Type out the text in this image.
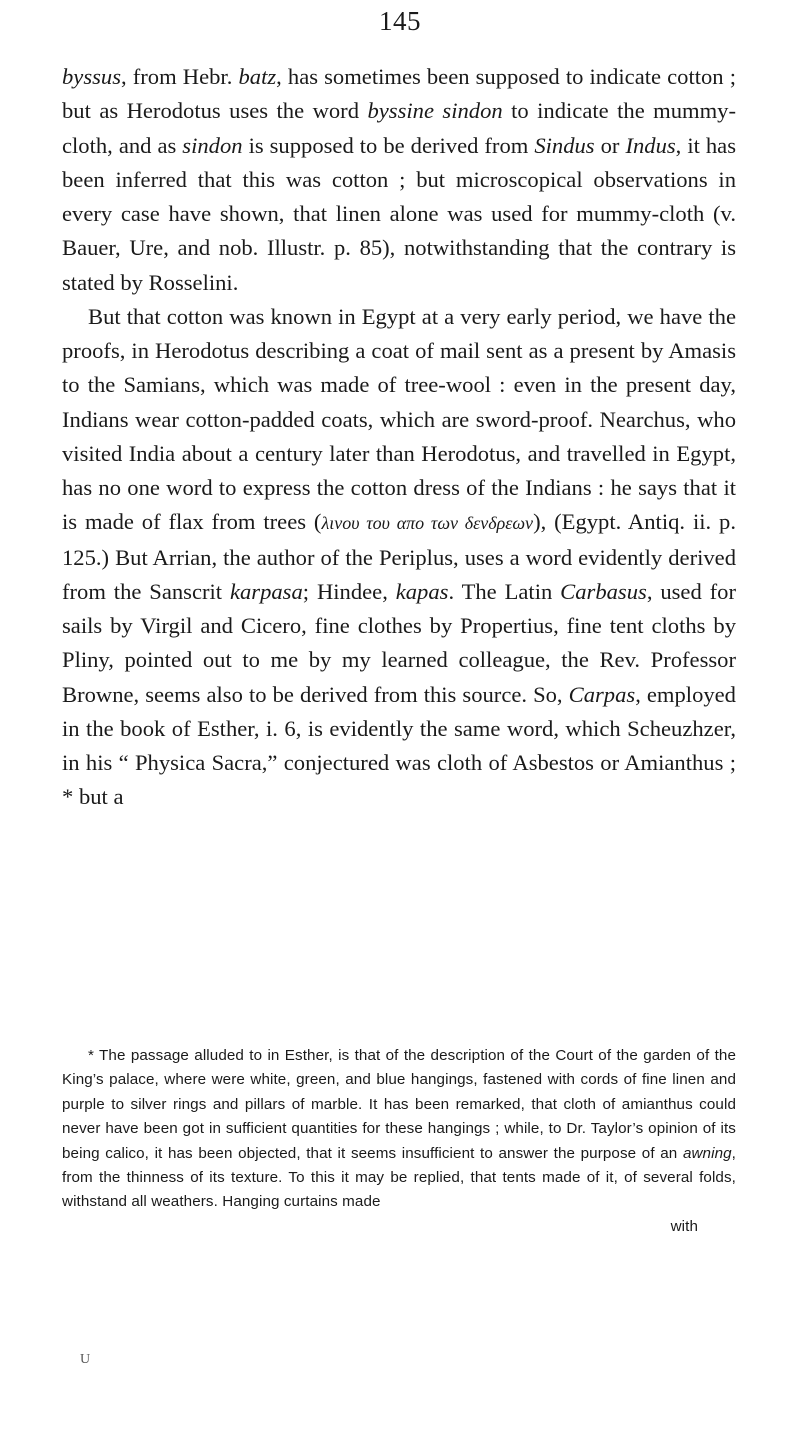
145

byssus, from Hebr. batz, has sometimes been supposed to indicate cotton ; but as Herodotus uses the word byssine sindon to indicate the mummy-cloth, and as sindon is supposed to be derived from Sindus or Indus, it has been inferred that this was cotton ; but microscopical observations in every case have shown, that linen alone was used for mummy-cloth (v. Bauer, Ure, and nob. Illustr. p. 85), notwithstanding that the contrary is stated by Rosselini.

But that cotton was known in Egypt at a very early period, we have the proofs, in Herodotus describing a coat of mail sent as a present by Amasis to the Samians, which was made of tree-wool : even in the present day, Indians wear cotton-padded coats, which are sword-proof. Nearchus, who visited India about a century later than Herodotus, and travelled in Egypt, has no one word to express the cotton dress of the Indians : he says that it is made of flax from trees (λινου του απο των δενδρεων), (Egypt. Antiq. ii. p. 125.) But Arrian, the author of the Periplus, uses a word evidently derived from the Sanscrit karpasa; Hindee, kapas. The Latin Carbasus, used for sails by Virgil and Cicero, fine clothes by Propertius, fine tent cloths by Pliny, pointed out to me by my learned colleague, the Rev. Professor Browne, seems also to be derived from this source. So, Carpas, employed in the book of Esther, i. 6, is evidently the same word, which Scheuzhzer, in his “ Physica Sacra,” conjectured was cloth of Asbestos or Amianthus ; * but a

* The passage alluded to in Esther, is that of the description of the Court of the garden of the King’s palace, where were white, green, and blue hangings, fastened with cords of fine linen and purple to silver rings and pillars of marble. It has been remarked, that cloth of amianthus could never have been got in sufficient quantities for these hangings ; while, to Dr. Taylor’s opinion of its being calico, it has been objected, that it seems insufficient to answer the purpose of an awning, from the thinness of its texture. To this it may be replied, that tents made of it, of several folds, withstand all weathers. Hanging curtains made
with
U
